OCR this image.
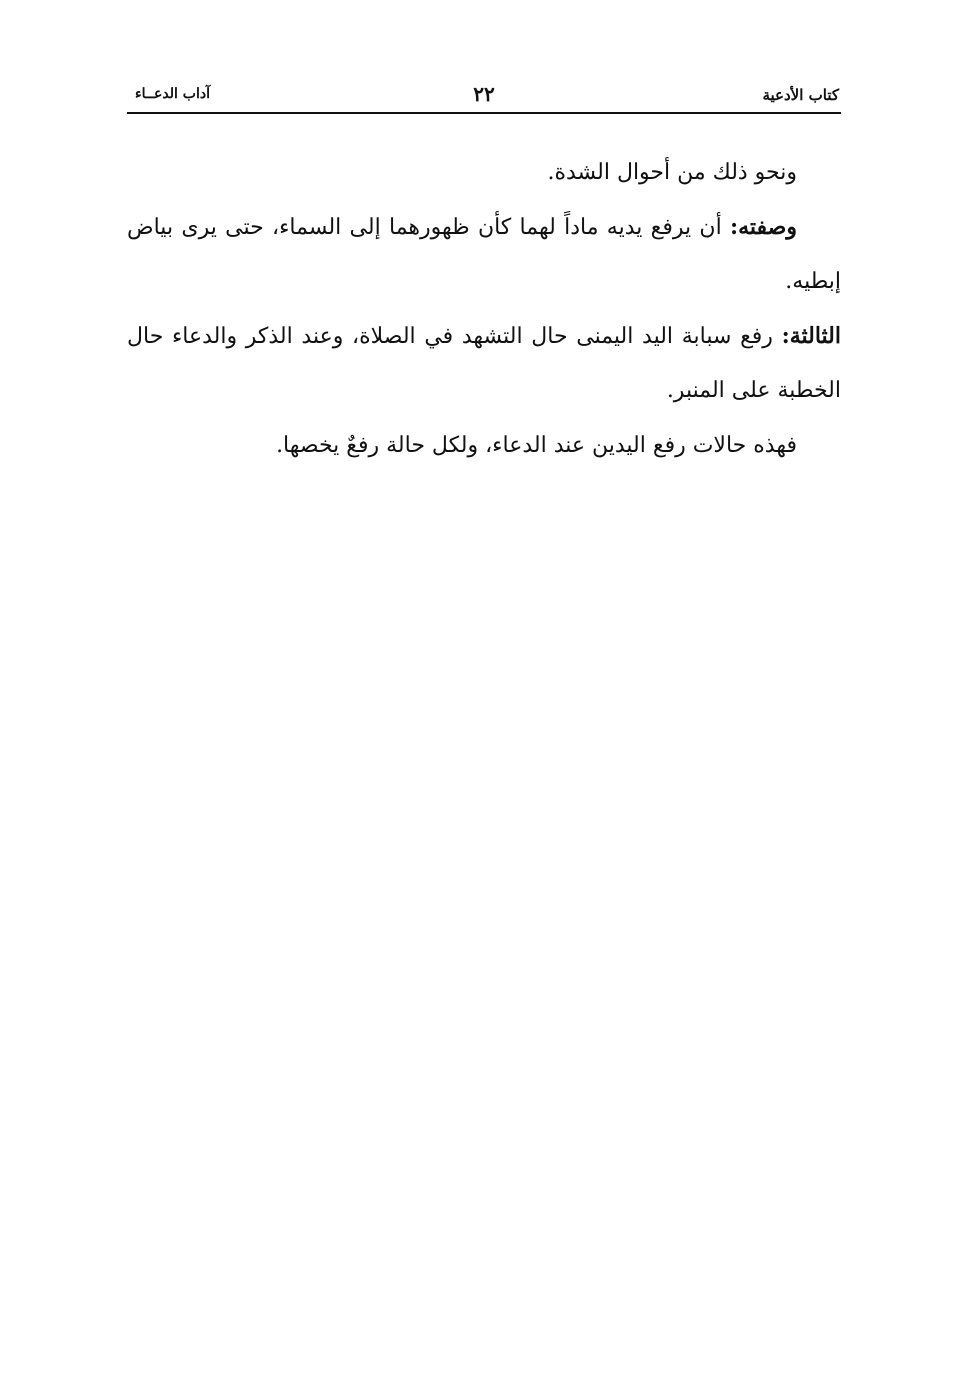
كتاب الأدعية
٢٢
آداب الدعــاء

ونحو ذلك من أحوال الشدة.

وصفته: أن يرفع يديه ماداً لهما كأن ظهورهما إلى السماء، حتى يرى بياض إبطيه.

الثالثة: رفع سبابة اليد اليمنى حال التشهد في الصلاة، وعند الذكر والدعاء حال الخطبة على المنبر.

فهذه حالات رفع اليدين عند الدعاء، ولكل حالة رفعٌ يخصها.
